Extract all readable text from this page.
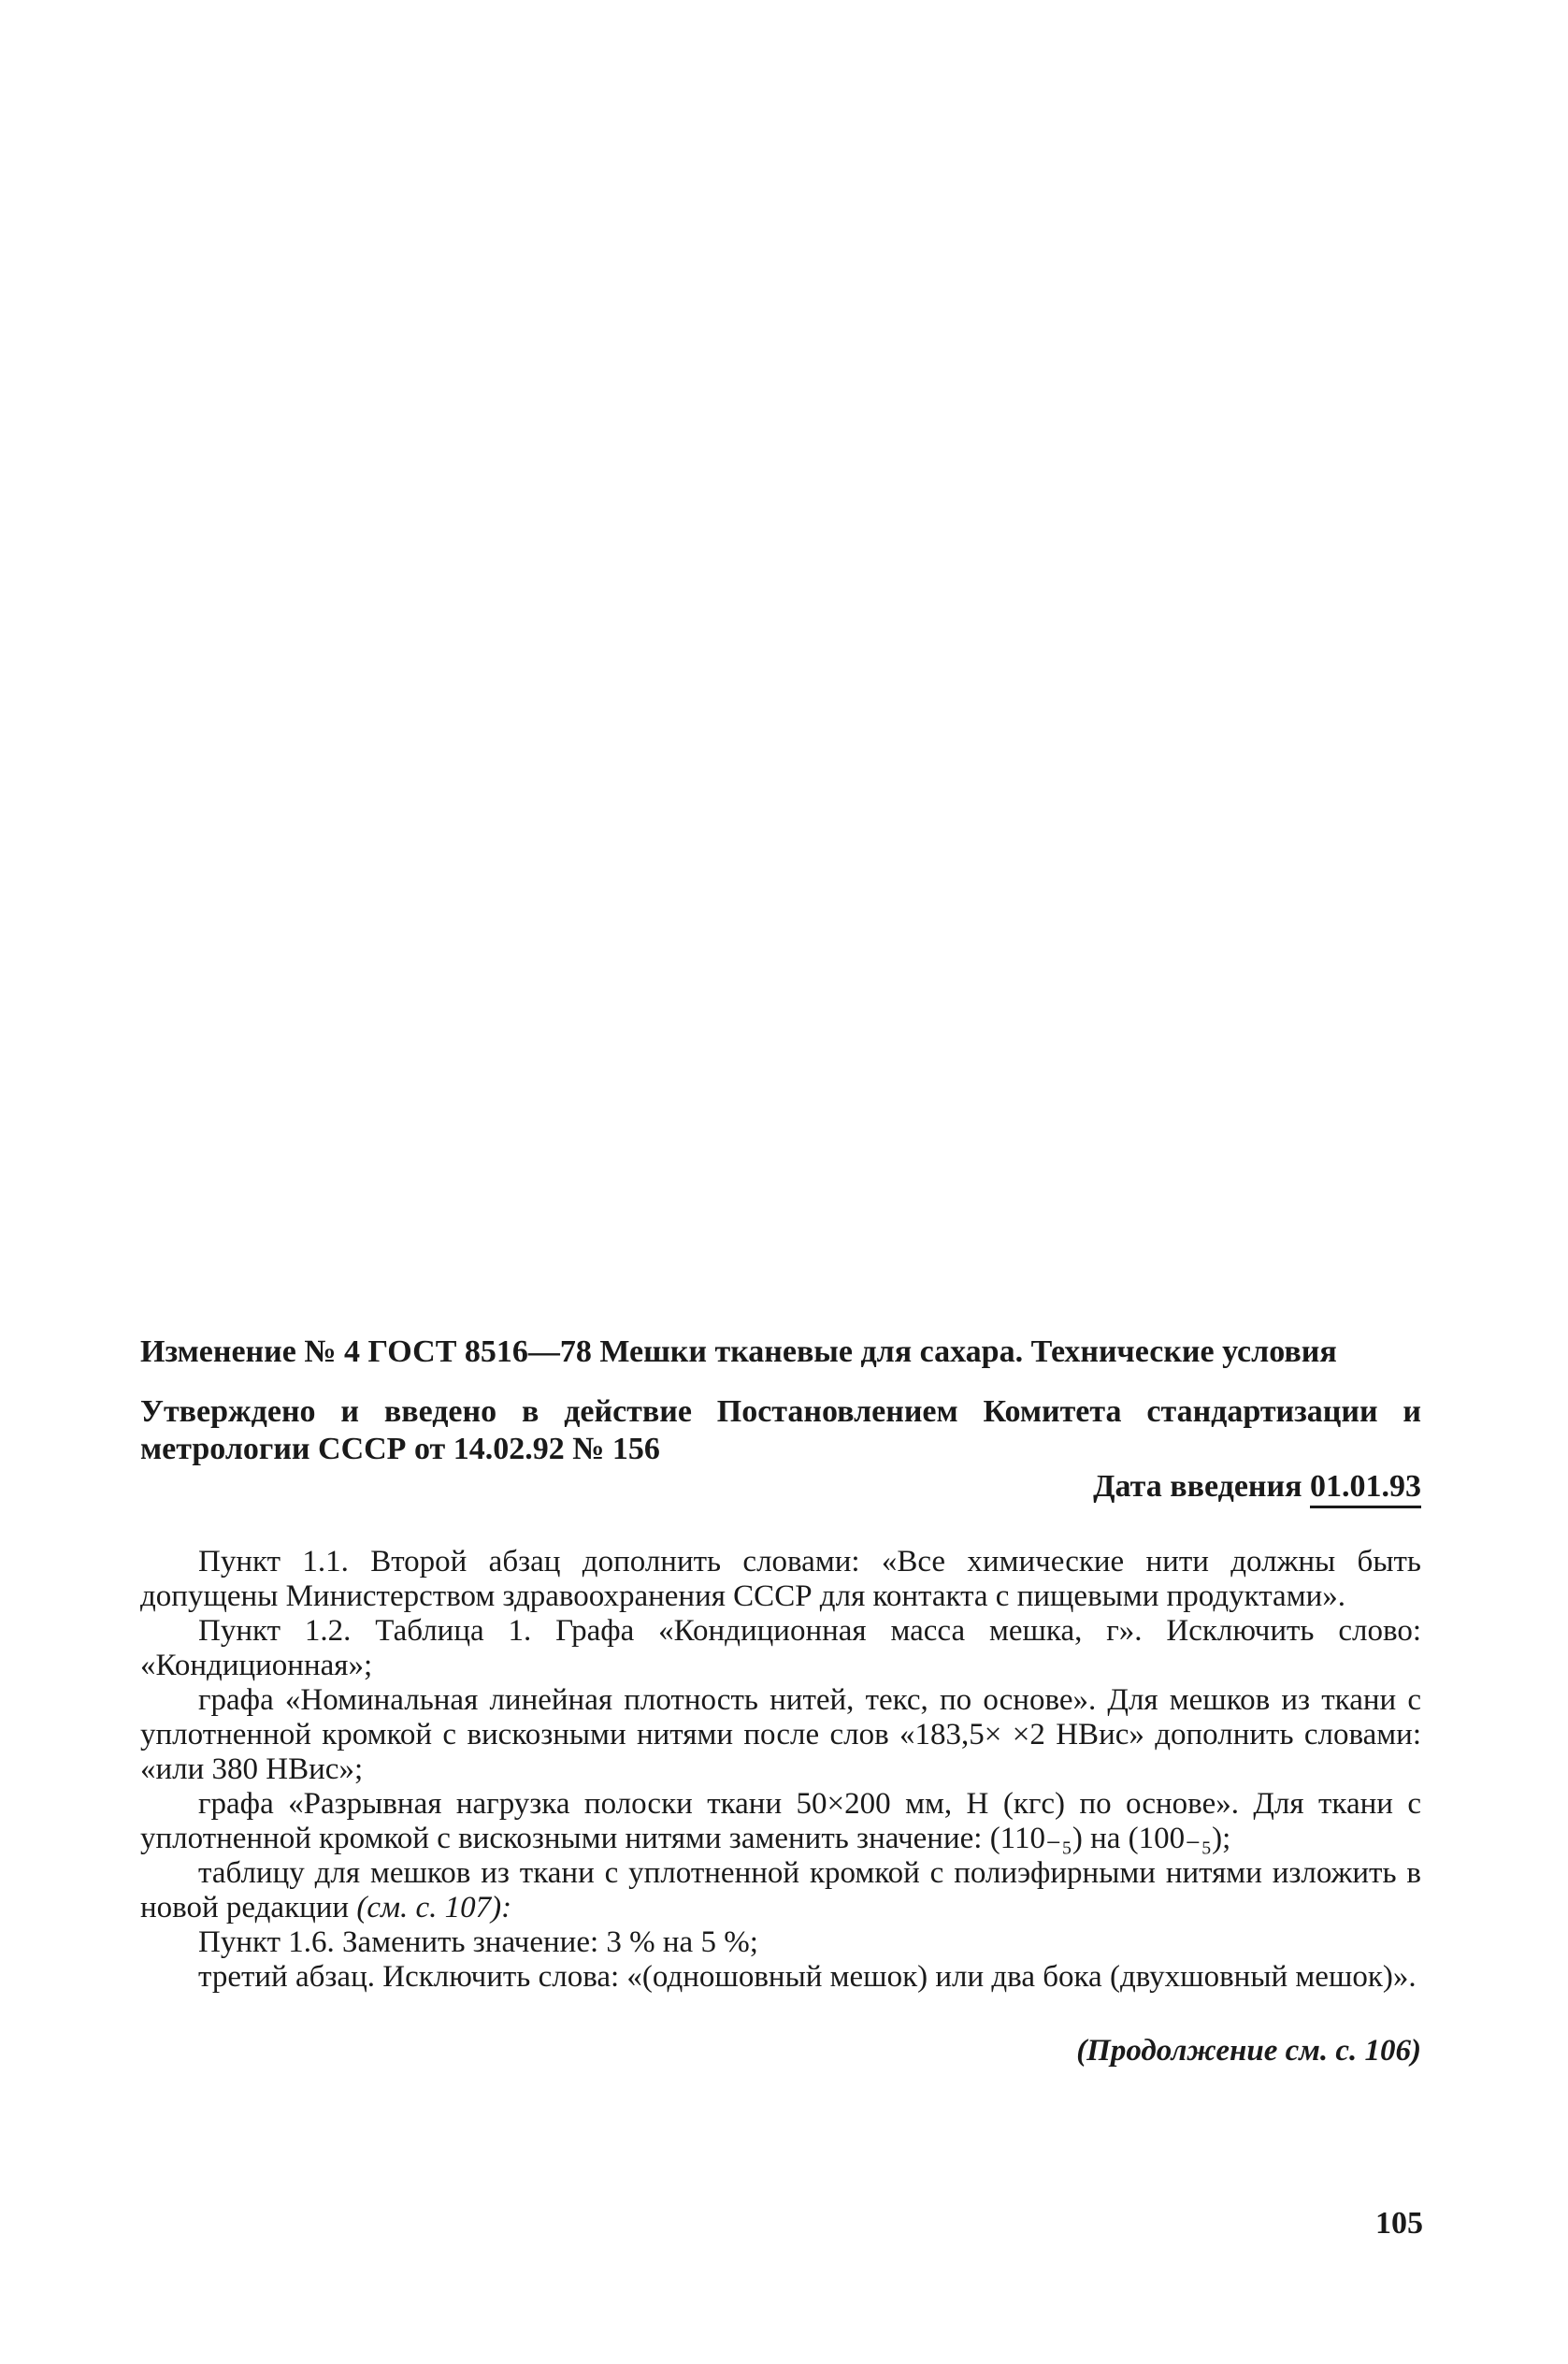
Изменение № 4 ГОСТ 8516—78 Мешки тканевые для сахара. Технические условия

Утверждено и введено в действие Постановлением Комитета стандартизации и метрологии СССР от 14.02.92 № 156

Дата введения 01.01.93

Пункт 1.1. Второй абзац дополнить словами: «Все химические нити должны быть допущены Министерством здравоохранения СССР для контакта с пищевыми продуктами».

Пункт 1.2. Таблица 1. Графа «Кондиционная масса мешка, г». Исключить слово: «Кондиционная»;

графа «Номинальная линейная плотность нитей, текс, по основе». Для мешков из ткани с уплотненной кромкой с вискозными нитями после слов «183,5× ×2 НВис» дополнить словами: «или 380 НВис»;

графа «Разрывная нагрузка полоски ткани 50×200 мм, Н (кгс) по основе». Для ткани с уплотненной кромкой с вискозными нитями заменить значение: (110₋₅) на (100₋₅);

таблицу для мешков из ткани с уплотненной кромкой с полиэфирными нитями изложить в новой редакции (см. с. 107):

Пункт 1.6. Заменить значение: 3 % на 5 %;

третий абзац. Исключить слова: «(одношовный мешок) или два бока (двухшовный мешок)».

(Продолжение см. с. 106)
105
